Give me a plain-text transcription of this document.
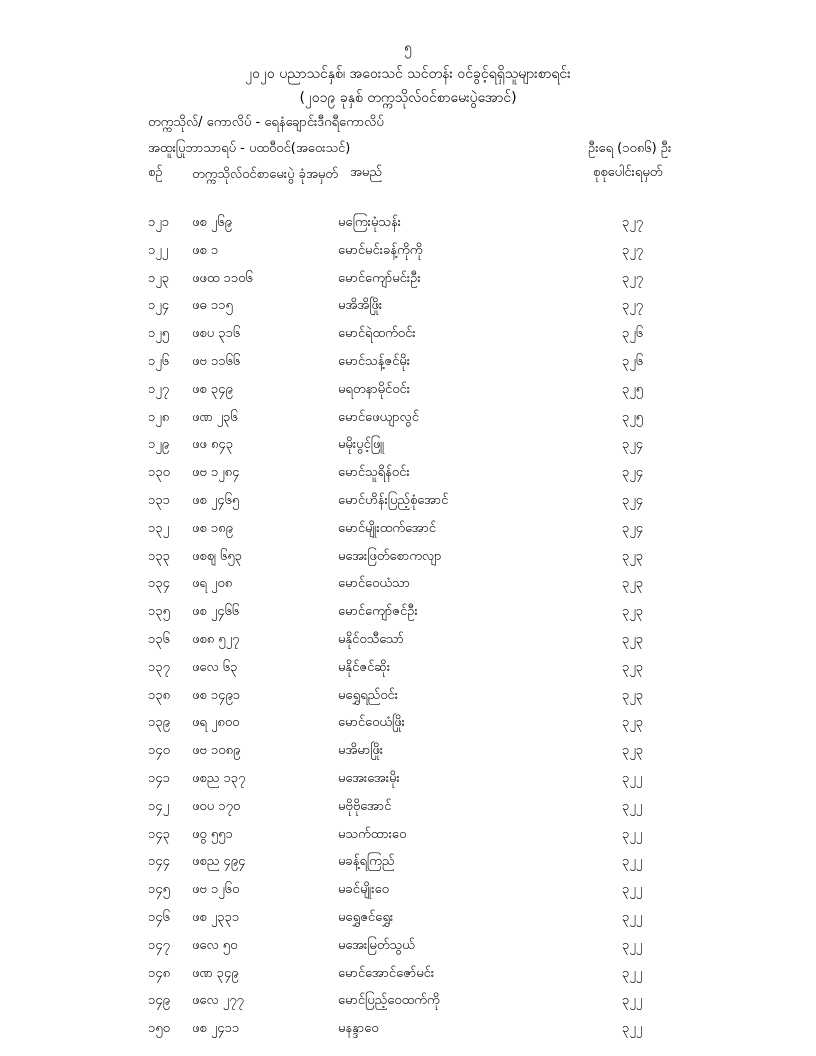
၅
၂၀၂၀ ပညာသင်နှစ်၊ အဝေးသင် သင်တန်း ဝင်ခွင့်ရရှိသူများစာရင်း
(၂၀၁၉ ခုနှစ် တက္ကသိုလ်ဝင်စာမေးပွဲအောင်)
တက္ကသိုလ်/ ကောလိပ် - ရေနံချောင်းဒီဂရီကောလိပ်
အထူးပြုဘာသာရပ် - ပထဝီဝင်(အဝေးသင်)	ဦးရေ (၁၀၈၆) ဦး
စဉ် တက္ကသိုလ်ဝင်စာမေးပွဲ ခုံအမှတ် အမည်	စုစုပေါင်းရမှတ်
၁၂၁ ဖစ ၂၆၉	မကြေးမုံသန်း	၃၂၇
၁၂၂ ဖစ ၁	မောင်မင်းခန့်ကိုကို	၃၂၇
၁၂၃ ဖဖထ ၁၁၀၆	မောင်ကျော်မင်းဦး	၃၂၇
၁၂၄ ဖဓ ၁၁၅	မအိအိဖြိုး	၃၂၇
၁၂၅ ဖစပ ၃၁၆	မောင်ရဲထက်ဝင်း	၃၂၆
၁၂၆ ဖဗ ၁၁၆၆	မောင်သန့်ဇင်မိုး	၃၂၆
၁၂၇ ဖစ ၃၄၉	မရတနာမိုင်ဝင်း	၃၂၅
၁၂၈ ဖဏ ၂၃၆	မောင်ဖေယျာလွင်	၃၂၅
၁၂၉ ဖဖ ၈၄၃	မမိုးပွင့်ဖြူ	၃၂၄
၁၃၀ ဖဗ ၁၂၈၄	မောင်သူရိန်ဝင်း	၃၂၄
၁၃၁ ဖစ ၂၄၆၅	မောင်ဟိန်းပြည့်စုံအောင်	၃၂၄
၁၃၂ ဖစ ၁၈၉	မောင်မျိုးထက်အောင်	၃၂၄
၁၃၃ ဖစဈ ၆၅၃	မအေးဖြတ်စောကလျာ	၃၂၃
၁၃၄ ဖရ ၂၀၈	မောင်ဝေယံသာ	၃၂၃
၁၃၅ ဖစ ၂၄၆၆	မောင်ကျော်ဇင်ဦး	၃၂၃
၁၃၆ ဖစ၈ ၅၂၇	မနိုင်ဝသီသော်	၃၂၃
၁၃၇ ဖလေ ၆၃	မနိုင်ဇင်ဆိုး	၃၂၃
၁၃၈ ဖစ ၁၄၉၁	မရွှေရည်ဝင်း	၃၂၃
၁၃၉ ဖရ ၂၈၀၀	မောင်ဝေယံဖြိုး	၃၂၃
၁၄၀ ဖဗ ၁၀၈၉	မအိမာဖြိုး	၃၂၃
၁၄၁ ဖစည ၁၃၇	မအေးအေးမိုး	၃၂၂
၁၄၂ ဖ၀ပ ၁၇၀	မဗိုဗိုအောင်	၃၂၂
၁၄၃ ဖ၀ွ ၅၅၁	မသက်ထားဝေ	၃၂၂
၁၄၄ ဖစည ၄၉၄	မခန့်ရကြည်	၃၂၂
၁၄၅ ဖဗ ၁၂၆၀	မခင်မျိုးဝေ	၃၂၂
၁၄၆ ဖစ ၂၃၃၁	မရွှေဇင်ရွှေး	၃၂၂
၁၄၇ ဖလေ ၅၀	မအေးမြတ်သွယ်	၃၂၂
၁၄၈ ဖဏ ၃၄၉	မောင်အောင်ဇော်မင်း	၃၂၂
၁၄၉ ဖလေ ၂၇၇	မောင်ပြည့်ဝေထက်ကို	၃၂၂
၁၅၀ ဖစ ၂၄၁၁	မနန္ဒာဝေ	၃၂၂
